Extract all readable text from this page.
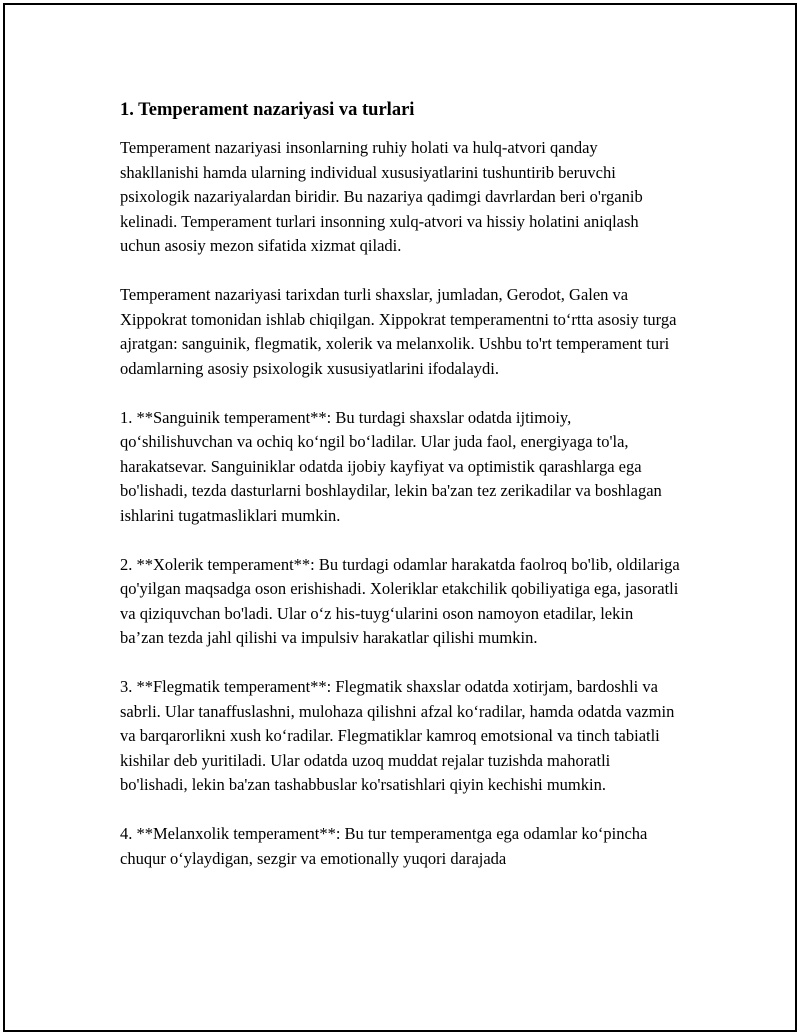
1. Temperament nazariyasi va turlari

Temperament nazariyasi insonlarning ruhiy holati va hulq-atvori qanday shakllanishi hamda ularning individual xususiyatlarini tushuntirib beruvchi psixologik nazariyalardan biridir. Bu nazariya qadimgi davrlardan beri o'rganib kelinadi. Temperament turlari insonning xulq-atvori va hissiy holatini aniqlash uchun asosiy mezon sifatida xizmat qiladi.

Temperament nazariyasi tarixdan turli shaxslar, jumladan, Gerodot, Galen va Xippokrat tomonidan ishlab chiqilgan. Xippokrat temperamentni to‘rtta asosiy turga ajratgan: sanguinik, flegmatik, xolerik va melanxolik. Ushbu to'rt temperament turi odamlarning asosiy psixologik xususiyatlarini ifodalaydi.

1. **Sanguinik temperament**: Bu turdagi shaxslar odatda ijtimoiy, qo‘shilishuvchan va ochiq ko‘ngil bo‘ladilar. Ular juda faol, energiyaga to'la, harakatsevar. Sanguiniklar odatda ijobiy kayfiyat va optimistik qarashlarga ega bo'lishadi, tezda dasturlarni boshlaydilar, lekin ba'zan tez zerikadilar va boshlagan ishlarini tugatmasliklari mumkin.

2. **Xolerik temperament**: Bu turdagi odamlar harakatda faolroq bo'lib, oldilariga qo'yilgan maqsadga oson erishishadi. Xoleriklar etakchilik qobiliyatiga ega, jasoratli va qiziquvchan bo'ladi. Ular o‘z his-tuyg‘ularini oson namoyon etadilar, lekin ba’zan tezda jahl qilishi va impulsiv harakatlar qilishi mumkin.

3. **Flegmatik temperament**: Flegmatik shaxslar odatda xotirjam, bardoshli va sabrli. Ular tanaffuslashni, mulohaza qilishni afzal ko‘radilar, hamda odatda vazmin va barqarorlikni xush ko‘radilar. Flegmatiklar kamroq emotsional va tinch tabiatli kishilar deb yuritiladi. Ular odatda uzoq muddat rejalar tuzishda mahoratli bo'lishadi, lekin ba'zan tashabbuslar ko'rsatishlari qiyin kechishi mumkin.

4. **Melanxolik temperament**: Bu tur temperamentga ega odamlar ko‘pincha chuqur o‘ylaydigan, sezgir va emotionally yuqori darajada
